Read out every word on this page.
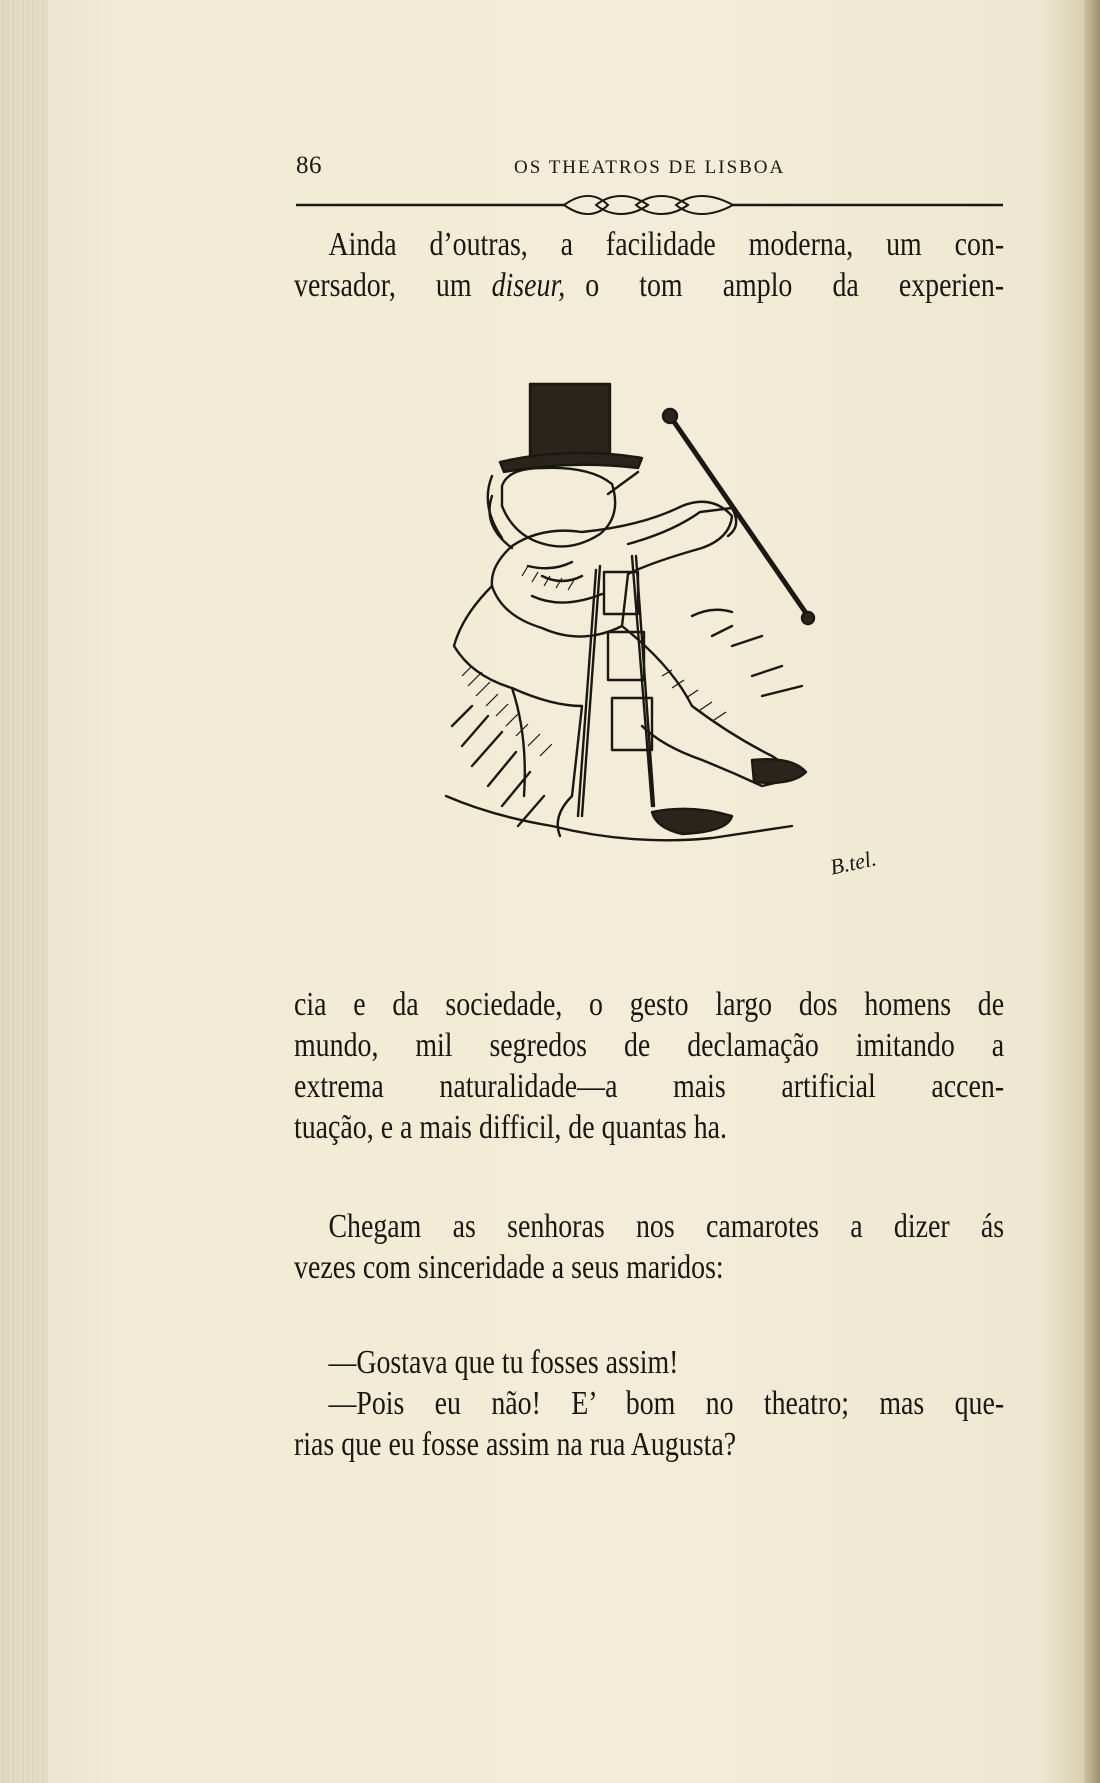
86	OS THEATROS DE LISBOA
Ainda d’outras, a facilidade moderna, um con-
versador,  um diseur, o  tom  amplo  da  experien-
B.tel.
cia e da sociedade, o gesto largo dos homens de
mundo, mil segredos de declamação imitando a
extrema naturalidade—a mais artificial accen-
tuação, e a mais difficil, de quantas ha.
Chegam as senhoras nos camarotes a dizer ás
vezes com sinceridade a seus maridos:
—Gostava que tu fosses assim!
—Pois eu não! E’ bom no theatro; mas que-
rias que eu fosse assim na rua Augusta?
